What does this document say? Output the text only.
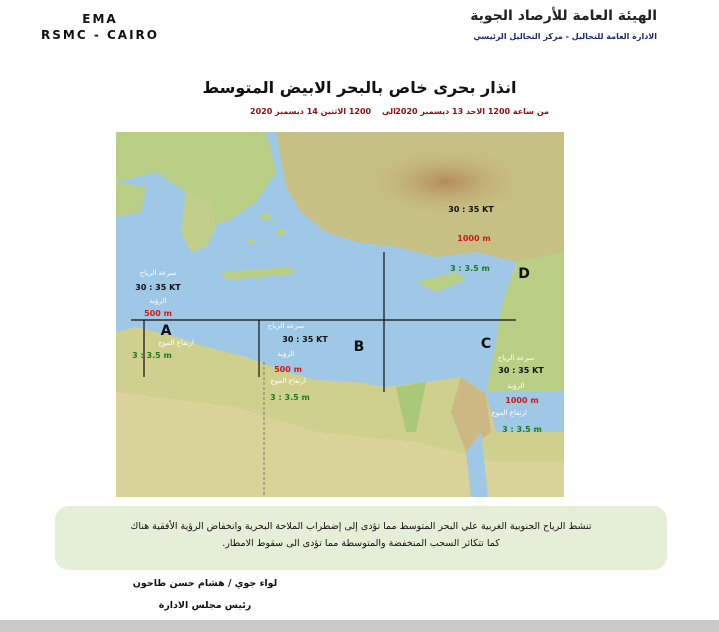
EMA
RSMC - CAIRO
الهيئة العامة للأرصاد الجوية
الادارة العامة للتحاليل - مركز التحاليل الرئيسي
انذار بحرى خاص بالبحر الابيض المتوسط
من ساعة 1200 الاحد 13 ديسمبر 2020
الى
1200 الاثنين 14 ديسمبر 2020
سرعة الرياح
30 : 35 KT
الرؤية
500 m
A
ارتفاع الموج
3 : 3.5 m
سرعة الرياح
30 : 35 KT
الرؤية	B
500 m
ارتفاع الموج
3 : 3.5 m
C
سرعة الرياح
30 : 35 KT
الرؤية
1000 m
ارتفاع الموج
3 : 3.5 m
30 : 35 KT
1000 m
3 : 3.5 m D
تنشط الرياح الجنوبية الغربية علي البحر المتوسط مما تؤدى إلى إضطراب الملاحة البحرية وانخفاض الرؤية الأفقية هناك
كما تتكاثر السحب المنخفضة والمتوسطة مما تؤدى الى سقوط الامطار.
لواء جوي / هشام حسن طاحون
رئيس مجلس الادارة
